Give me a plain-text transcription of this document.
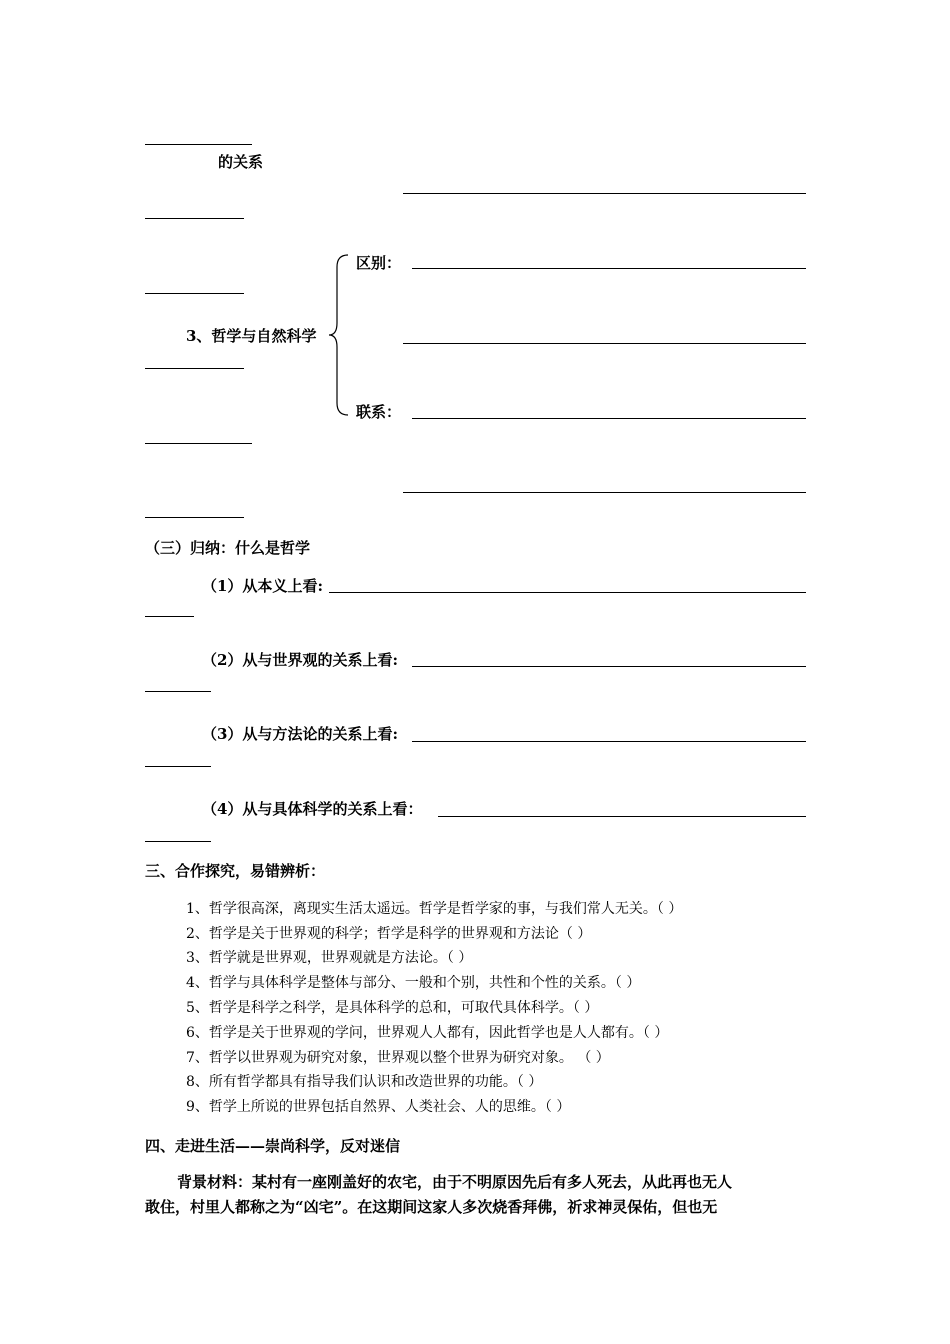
的关系
区别：
3、哲学与自然科学
联系：
（三）归纳：什么是哲学
（1）从本义上看:
（2）从与世界观的关系上看:
（3）从与方法论的关系上看:
（4）从与具体科学的关系上看：
三、合作探究，易错辨析：
1、哲学很高深，离现实生活太遥远。哲学是哲学家的事，与我们常人无关。（ ）
2、哲学是关于世界观的科学；哲学是科学的世界观和方法论（ ）
3、哲学就是世界观，世界观就是方法论。（ ）
4、哲学与具体科学是整体与部分、一般和个别，共性和个性的关系。（ ）
5、哲学是科学之科学，是具体科学的总和，可取代具体科学。（ ）
6、哲学是关于世界观的学问，世界观人人都有，因此哲学也是人人都有。（ ）
7、哲学以世界观为研究对象，世界观以整个世界为研究对象。 （ ）
8、所有哲学都具有指导我们认识和改造世界的功能。（ ）
9、哲学上所说的世界包括自然界、人类社会、人的思维。（ ）
四、走进生活——崇尚科学，反对迷信
背景材料：某村有一座刚盖好的农宅，由于不明原因先后有多人死去，从此再也无人
敢住，村里人都称之为“凶宅”。在这期间这家人多次烧香拜佛，祈求神灵保佑，但也无
